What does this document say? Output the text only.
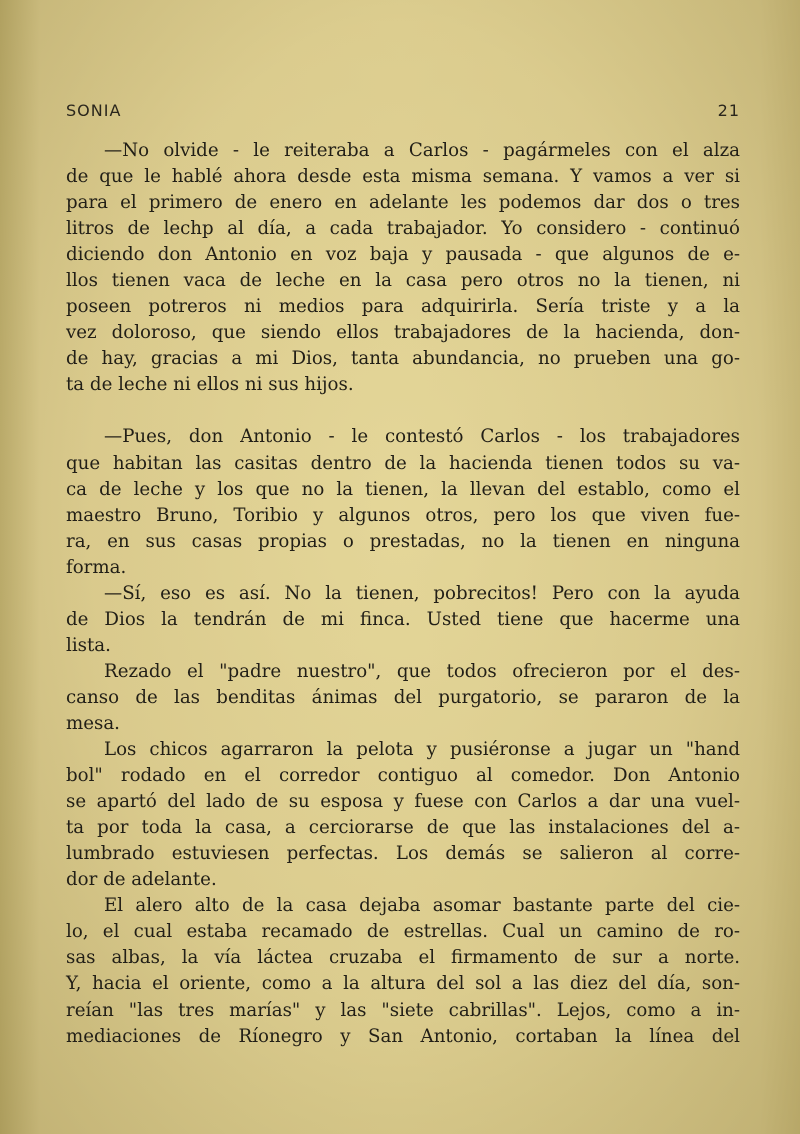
SONIA	21
—No olvide - le reiteraba a Carlos - pagármeles con el alza
de que le hablé ahora desde esta misma semana. Y vamos a ver si
para el primero de enero en adelante les podemos dar dos o tres
litros de lechp al día, a cada trabajador. Yo considero - continuó
diciendo don Antonio en voz baja y pausada - que algunos de e-
llos tienen vaca de leche en la casa pero otros no la tienen, ni
poseen potreros ni medios para adquirirla. Sería triste y a la
vez doloroso, que siendo ellos trabajadores de la hacienda, don-
de hay, gracias a mi Dios, tanta abundancia, no prueben una go-
ta de leche ni ellos ni sus hijos.
—Pues, don Antonio - le contestó Carlos - los trabajadores
que habitan las casitas dentro de la hacienda tienen todos su va-
ca de leche y los que no la tienen, la llevan del establo, como el
maestro Bruno, Toribio y algunos otros, pero los que viven fue-
ra, en sus casas propias o prestadas, no la tienen en ninguna
forma.
—Sí, eso es así. No la tienen, pobrecitos! Pero con la ayuda
de Dios la tendrán de mi finca. Usted tiene que hacerme una
lista.
Rezado el "padre nuestro", que todos ofrecieron por el des-
canso de las benditas ánimas del purgatorio, se pararon de la
mesa.
Los chicos agarraron la pelota y pusiéronse a jugar un "hand
bol" rodado en el corredor contiguo al comedor. Don Antonio
se apartó del lado de su esposa y fuese con Carlos a dar una vuel-
ta por toda la casa, a cerciorarse de que las instalaciones del a-
lumbrado estuviesen perfectas. Los demás se salieron al corre-
dor de adelante.
El alero alto de la casa dejaba asomar bastante parte del cie-
lo, el cual estaba recamado de estrellas. Cual un camino de ro-
sas albas, la vía láctea cruzaba el firmamento de sur a norte.
Y, hacia el oriente, como a la altura del sol a las diez del día, son-
reían "las tres marías" y las "siete cabrillas". Lejos, como a in-
mediaciones de Ríonegro y San Antonio, cortaban la línea del
